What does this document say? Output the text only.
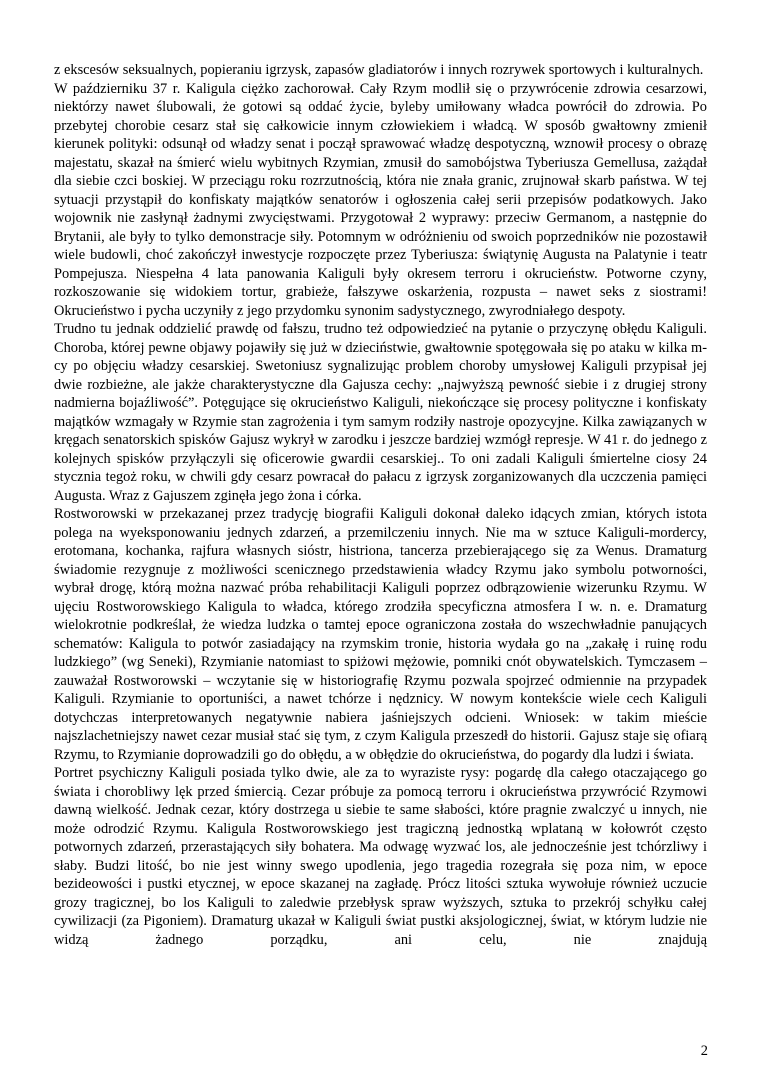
z ekscesów seksualnych, popieraniu igrzysk, zapasów gladiatorów i innych rozrywek sportowych i kulturalnych.

W październiku 37 r. Kaligula ciężko zachorował. Cały Rzym modlił się o przywrócenie zdrowia cesarzowi, niektórzy nawet ślubowali, że gotowi są oddać życie, byleby umiłowany władca powrócił do zdrowia. Po przebytej chorobie cesarz stał się całkowicie innym człowiekiem i władcą. W sposób gwałtowny zmienił kierunek polityki: odsunął od władzy senat i począł sprawować władzę despotyczną, wznowił procesy o obrazę majestatu, skazał na śmierć wielu wybitnych Rzymian, zmusił do samobójstwa Tyberiusza Gemellusa, zażądał dla siebie czci boskiej. W przeciągu roku rozrzutnością, która nie znała granic, zrujnował skarb państwa. W tej sytuacji przystąpił do konfiskaty majątków senatorów i ogłoszenia całej serii przepisów podatkowych. Jako wojownik nie zasłynął żadnymi zwycięstwami. Przygotował 2 wyprawy: przeciw Germanom, a następnie do Brytanii, ale były to tylko demonstracje siły. Potomnym w odróżnieniu od swoich poprzedników nie pozostawił wiele budowli, choć zakończył inwestycje rozpoczęte przez Tyberiusza: świątynię Augusta na Palatynie i teatr Pompejusza. Niespełna 4 lata panowania Kaliguli były okresem terroru i okrucieństw. Potworne czyny, rozkoszowanie się widokiem tortur, grabieże, fałszywe oskarżenia, rozpusta – nawet seks z siostrami! Okrucieństwo i pycha uczyniły z jego przydomku synonim sadystycznego, zwyrodniałego despoty.

Trudno tu jednak oddzielić prawdę od fałszu, trudno też odpowiedzieć na pytanie o przyczynę obłędu Kaliguli. Choroba, której pewne objawy pojawiły się już w dzieciństwie, gwałtownie spotęgowała się po ataku w kilka m-cy po objęciu władzy cesarskiej. Swetoniusz sygnalizując problem choroby umysłowej Kaliguli przypisał jej dwie rozbieżne, ale jakże charakterystyczne dla Gajusza cechy: „najwyższą pewność siebie i z drugiej strony nadmierna bojaźliwość”. Potęgujące się okrucieństwo Kaliguli, niekończące się procesy polityczne i konfiskaty majątków wzmagały w Rzymie stan zagrożenia i tym samym rodziły nastroje opozycyjne. Kilka zawiązanych w kręgach senatorskich spisków Gajusz wykrył w zarodku i jeszcze bardziej wzmógł represje. W 41 r. do jednego z kolejnych spisków przyłączyli się oficerowie gwardii cesarskiej.. To oni zadali Kaliguli śmiertelne ciosy 24 stycznia tegoż roku, w chwili gdy cesarz powracał do pałacu z igrzysk zorganizowanych dla uczczenia pamięci Augusta. Wraz z Gajuszem zginęła jego żona i córka.

Rostworowski w przekazanej przez tradycję biografii Kaliguli dokonał daleko idących zmian, których istota polega na wyeksponowaniu jednych zdarzeń, a przemilczeniu innych. Nie ma w sztuce Kaliguli-mordercy, erotomana, kochanka, rajfura własnych sióstr, histriona, tancerza przebierającego się za Wenus. Dramaturg świadomie rezygnuje z możliwości scenicznego przedstawienia władcy Rzymu jako symbolu potworności, wybrał drogę, którą można nazwać próba rehabilitacji Kaliguli poprzez odbrązowienie wizerunku Rzymu. W ujęciu Rostworowskiego Kaligula to władca, którego zrodziła specyficzna atmosfera I w. n. e. Dramaturg wielokrotnie podkreślał, że wiedza ludzka o tamtej epoce ograniczona została do wszechwładnie panujących schematów: Kaligula to potwór zasiadający na rzymskim tronie, historia wydała go na „zakałę i ruinę rodu ludzkiego” (wg Seneki), Rzymianie natomiast to spiżowi mężowie, pomniki cnót obywatelskich. Tymczasem – zauważał Rostworowski – wczytanie się w historiografię Rzymu pozwala spojrzeć odmiennie na przypadek Kaliguli. Rzymianie to oportuniści, a nawet tchórze i nędznicy. W nowym kontekście wiele cech Kaliguli dotychczas interpretowanych negatywnie nabiera jaśniejszych odcieni. Wniosek: w takim mieście najszlachetniejszy nawet cezar musiał stać się tym, z czym Kaligula przeszedł do historii. Gajusz staje się ofiarą Rzymu, to Rzymianie doprowadzili go do obłędu, a w obłędzie do okrucieństwa, do pogardy dla ludzi i świata.

Portret psychiczny Kaliguli posiada tylko dwie, ale za to wyraziste rysy: pogardę dla całego otaczającego go świata i chorobliwy lęk przed śmiercią. Cezar próbuje za pomocą terroru i okrucieństwa przywrócić Rzymowi dawną wielkość. Jednak cezar, który dostrzega u siebie te same słabości, które pragnie zwalczyć u innych, nie może odrodzić Rzymu. Kaligula Rostworowskiego jest tragiczną jednostką wplataną w kołowrót często potwornych zdarzeń, przerastających siły bohatera. Ma odwagę wyzwać los, ale jednocześnie jest tchórzliwy i słaby. Budzi litość, bo nie jest winny swego upodlenia, jego tragedia rozegrała się poza nim, w epoce bezideowości i pustki etycznej, w epoce skazanej na zagładę. Prócz litości sztuka wywołuje również uczucie grozy tragicznej, bo los Kaliguli to zaledwie przebłysk spraw wyższych, sztuka to przekrój schyłku całej cywilizacji (za Pigoniem). Dramaturg ukazał w Kaliguli świat pustki aksjologicznej, świat, w którym ludzie nie widzą żadnego porządku, ani celu, nie znajdują

2
